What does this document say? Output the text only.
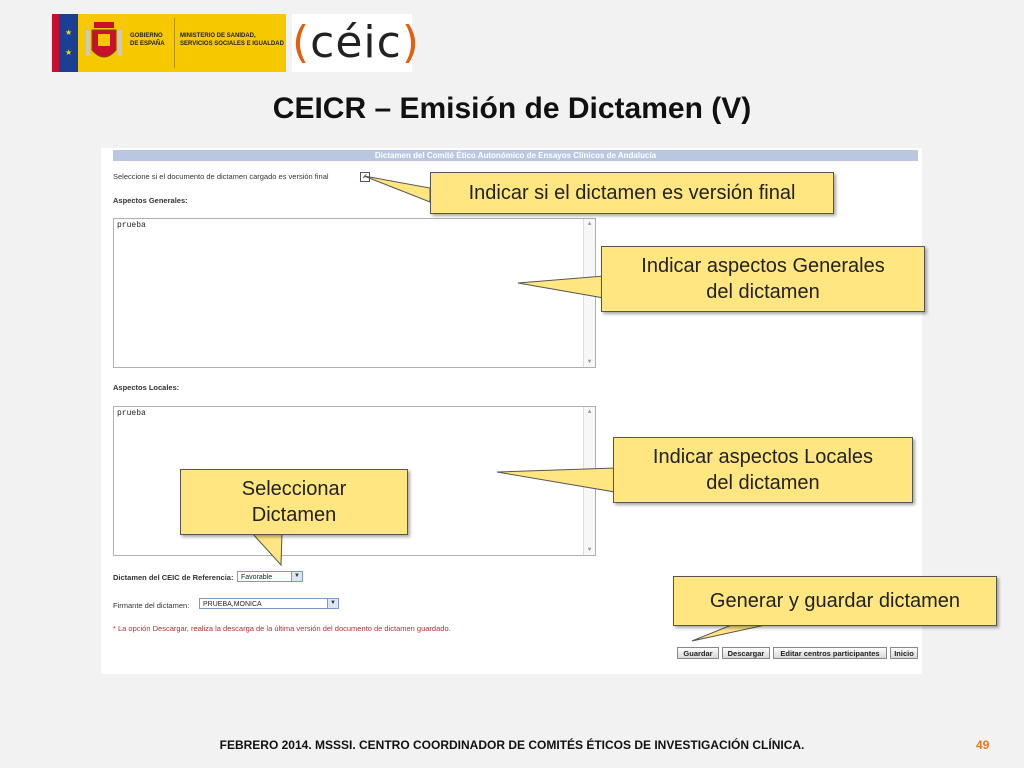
★
★
GOBIERNO DE ESPAÑA
MINISTERIO DE SANIDAD, SERVICIOS SOCIALES E IGUALDAD (céic)
CEICR – Emisión de Dictamen (V)
Dictamen del Comité Ético Autonómico de Ensayos Clínicos de Andalucía
Seleccione si el documento de dictamen cargado es versión final	✓
Aspectos Generales:
prueba	▲
▼
Aspectos Locales:
prueba	▲
▼
Dictamen del CEIC de Referencia:	Favorable	▼
Firmante del dictamen:	PRUEBA,MONICA	▼
* La opción Descargar, realiza la descarga de la última versión del documento de dictamen guardado.
Guardar	Descargar	Editar centros participantes	Inicio
Indicar si el dictamen es versión final
Indicar aspectos Generales
del dictamen
Indicar aspectos Locales
del dictamen
Seleccionar
Dictamen
Generar y guardar dictamen
FEBRERO 2014. MSSSI. CENTRO COORDINADOR DE COMITÉS ÉTICOS DE INVESTIGACIÓN CLÍNICA.	49
